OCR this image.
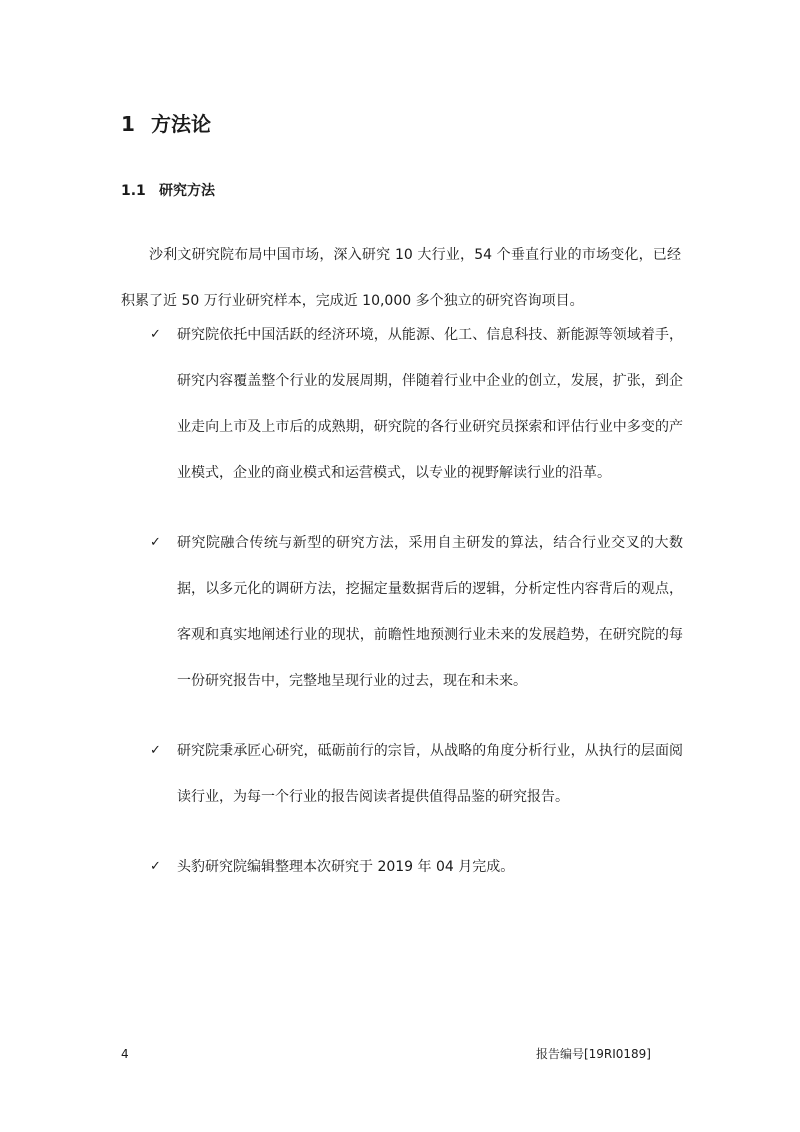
1 方法论
1.1 研究方法

沙利文研究院布局中国市场，深入研究 10 大行业，54 个垂直行业的市场变化，已经积累了近 50 万行业研究样本，完成近 10,000 多个独立的研究咨询项目。

✓ 研究院依托中国活跃的经济环境，从能源、化工、信息科技、新能源等领域着手，研究内容覆盖整个行业的发展周期，伴随着行业中企业的创立，发展，扩张，到企业走向上市及上市后的成熟期，研究院的各行业研究员探索和评估行业中多变的产业模式，企业的商业模式和运营模式，以专业的视野解读行业的沿革。
✓ 研究院融合传统与新型的研究方法，采用自主研发的算法，结合行业交叉的大数据，以多元化的调研方法，挖掘定量数据背后的逻辑，分析定性内容背后的观点，客观和真实地阐述行业的现状，前瞻性地预测行业未来的发展趋势，在研究院的每一份研究报告中，完整地呈现行业的过去，现在和未来。
✓ 研究院秉承匠心研究，砥砺前行的宗旨，从战略的角度分析行业，从执行的层面阅读行业，为每一个行业的报告阅读者提供值得品鉴的研究报告。
✓ 头豹研究院编辑整理本次研究于 2019 年 04 月完成。
4	报告编号[19RI0189]
